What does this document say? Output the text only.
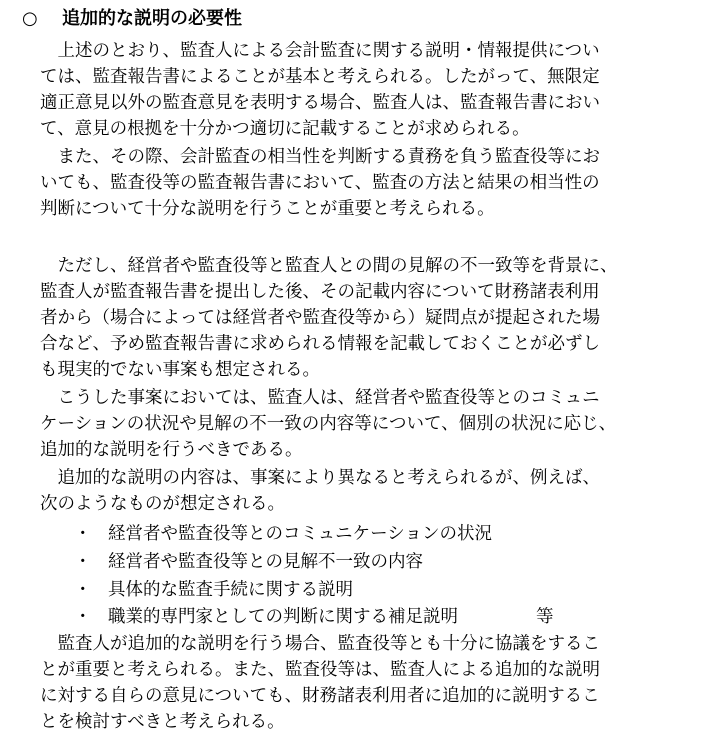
○ 追加的な説明の必要性
　上述のとおり、監査人による会計監査に関する説明・情報提供につい
ては、監査報告書によることが基本と考えられる。したがって、無限定
適正意見以外の監査意見を表明する場合、監査人は、監査報告書におい
て、意見の根拠を十分かつ適切に記載することが求められる。
　また、その際、会計監査の相当性を判断する責務を負う監査役等にお
いても、監査役等の監査報告書において、監査の方法と結果の相当性の
判断について十分な説明を行うことが重要と考えられる。
　ただし、経営者や監査役等と監査人との間の見解の不一致等を背景に、
監査人が監査報告書を提出した後、その記載内容について財務諸表利用
者から（場合によっては経営者や監査役等から）疑問点が提起された場
合など、予め監査報告書に求められる情報を記載しておくことが必ずし
も現実的でない事案も想定される。
　こうした事案においては、監査人は、経営者や監査役等とのコミュニ
ケーションの状況や見解の不一致の内容等について、個別の状況に応じ、
追加的な説明を行うべきである。
　追加的な説明の内容は、事案により異なると考えられるが、例えば、
次のようなものが想定される。
・ 経営者や監査役等とのコミュニケーションの状況
・ 経営者や監査役等との見解不一致の内容
・ 具体的な監査手続に関する説明
・ 職業的専門家としての判断に関する補足説明	等
　監査人が追加的な説明を行う場合、監査役等とも十分に協議をするこ
とが重要と考えられる。また、監査役等は、監査人による追加的な説明
に対する自らの意見についても、財務諸表利用者に追加的に説明するこ
とを検討すべきと考えられる。
